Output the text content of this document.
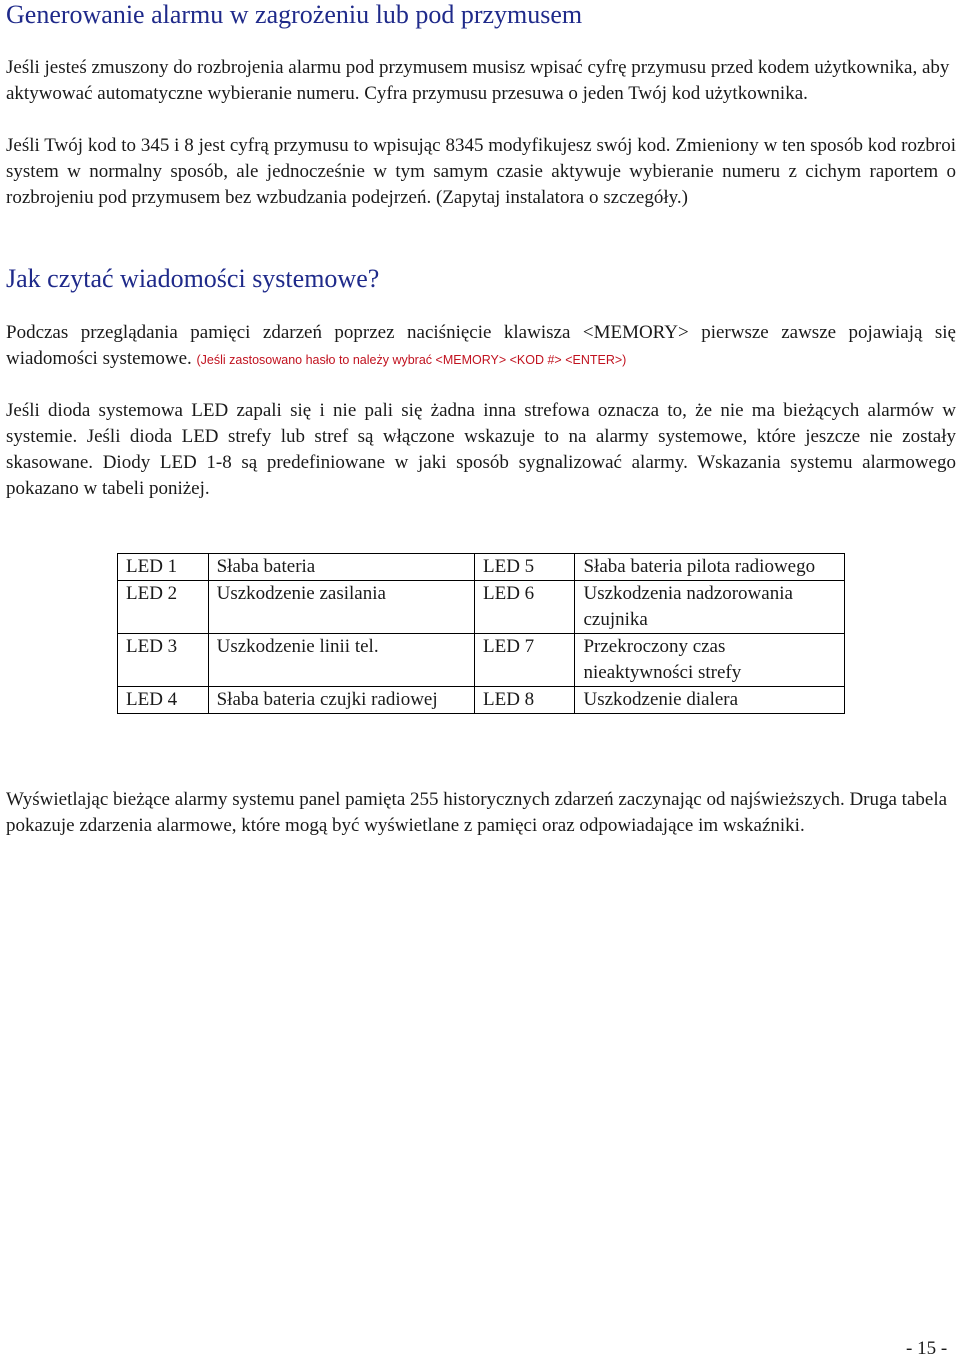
Generowanie alarmu w zagrożeniu lub pod przymusem

Jeśli jesteś zmuszony do rozbrojenia alarmu pod przymusem musisz wpisać cyfrę przymusu przed kodem użytkownika, aby aktywować automatyczne wybieranie numeru. Cyfra przymusu przesuwa o jeden Twój kod użytkownika.

Jeśli Twój kod to 345 i 8 jest cyfrą przymusu to wpisując 8345 modyfikujesz swój kod. Zmieniony w ten sposób kod rozbroi system w normalny sposób, ale jednocześnie w tym samym czasie aktywuje wybieranie numeru z cichym raportem o rozbrojeniu pod przymusem bez wzbudzania podejrzeń. (Zapytaj instalatora o szczegóły.)

Jak czytać wiadomości systemowe?

Podczas przeglądania pamięci zdarzeń poprzez naciśnięcie klawisza <MEMORY> pierwsze zawsze pojawiają się wiadomości systemowe. (Jeśli zastosowano hasło to należy wybrać <MEMORY> <KOD #> <ENTER>)

Jeśli dioda systemowa LED zapali się i nie pali się żadna inna strefowa oznacza to, że nie ma bieżących alarmów w systemie. Jeśli dioda LED strefy lub stref są włączone wskazuje to na alarmy systemowe, które jeszcze nie zostały skasowane. Diody LED 1-8 są predefiniowane w jaki sposób sygnalizować alarmy. Wskazania systemu alarmowego pokazano w tabeli poniżej.

LED 1	Słaba bateria	LED 5	Słaba bateria pilota radiowego
LED 2	Uszkodzenie zasilania	LED 6	Uszkodzenia nadzorowania czujnika
LED 3	Uszkodzenie linii tel.	LED 7	Przekroczony czas nieaktywności strefy
LED 4	Słaba bateria czujki radiowej	LED 8	Uszkodzenie dialera

Wyświetlając bieżące alarmy systemu panel pamięta 255 historycznych zdarzeń zaczynając od najświeższych. Druga tabela pokazuje zdarzenia alarmowe, które mogą być wyświetlane z pamięci oraz odpowiadające im wskaźniki.

- 15 -
